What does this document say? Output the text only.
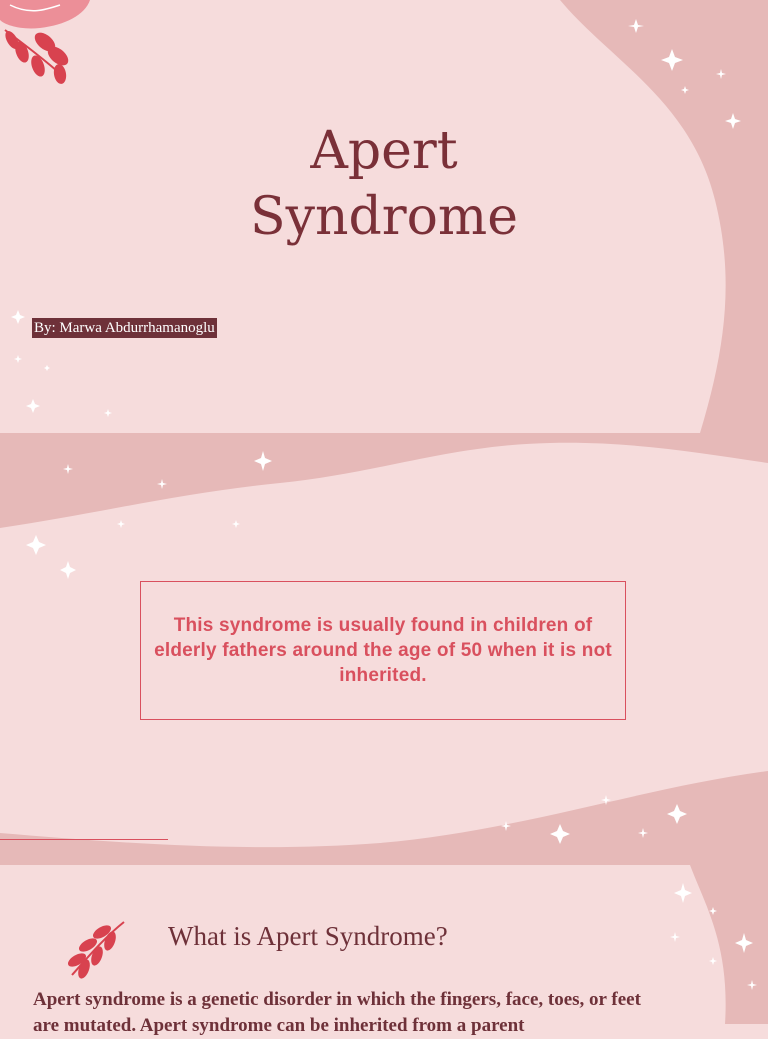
Apert
Syndrome
By: Marwa Abdurrhamanoglu

This syndrome is usually found in children of elderly fathers around the age of 50 when it is not inherited.

What is Apert Syndrome?

Apert syndrome is a genetic disorder in which the fingers, face, toes, or feet are mutated. Apert syndrome can be inherited from a parent
